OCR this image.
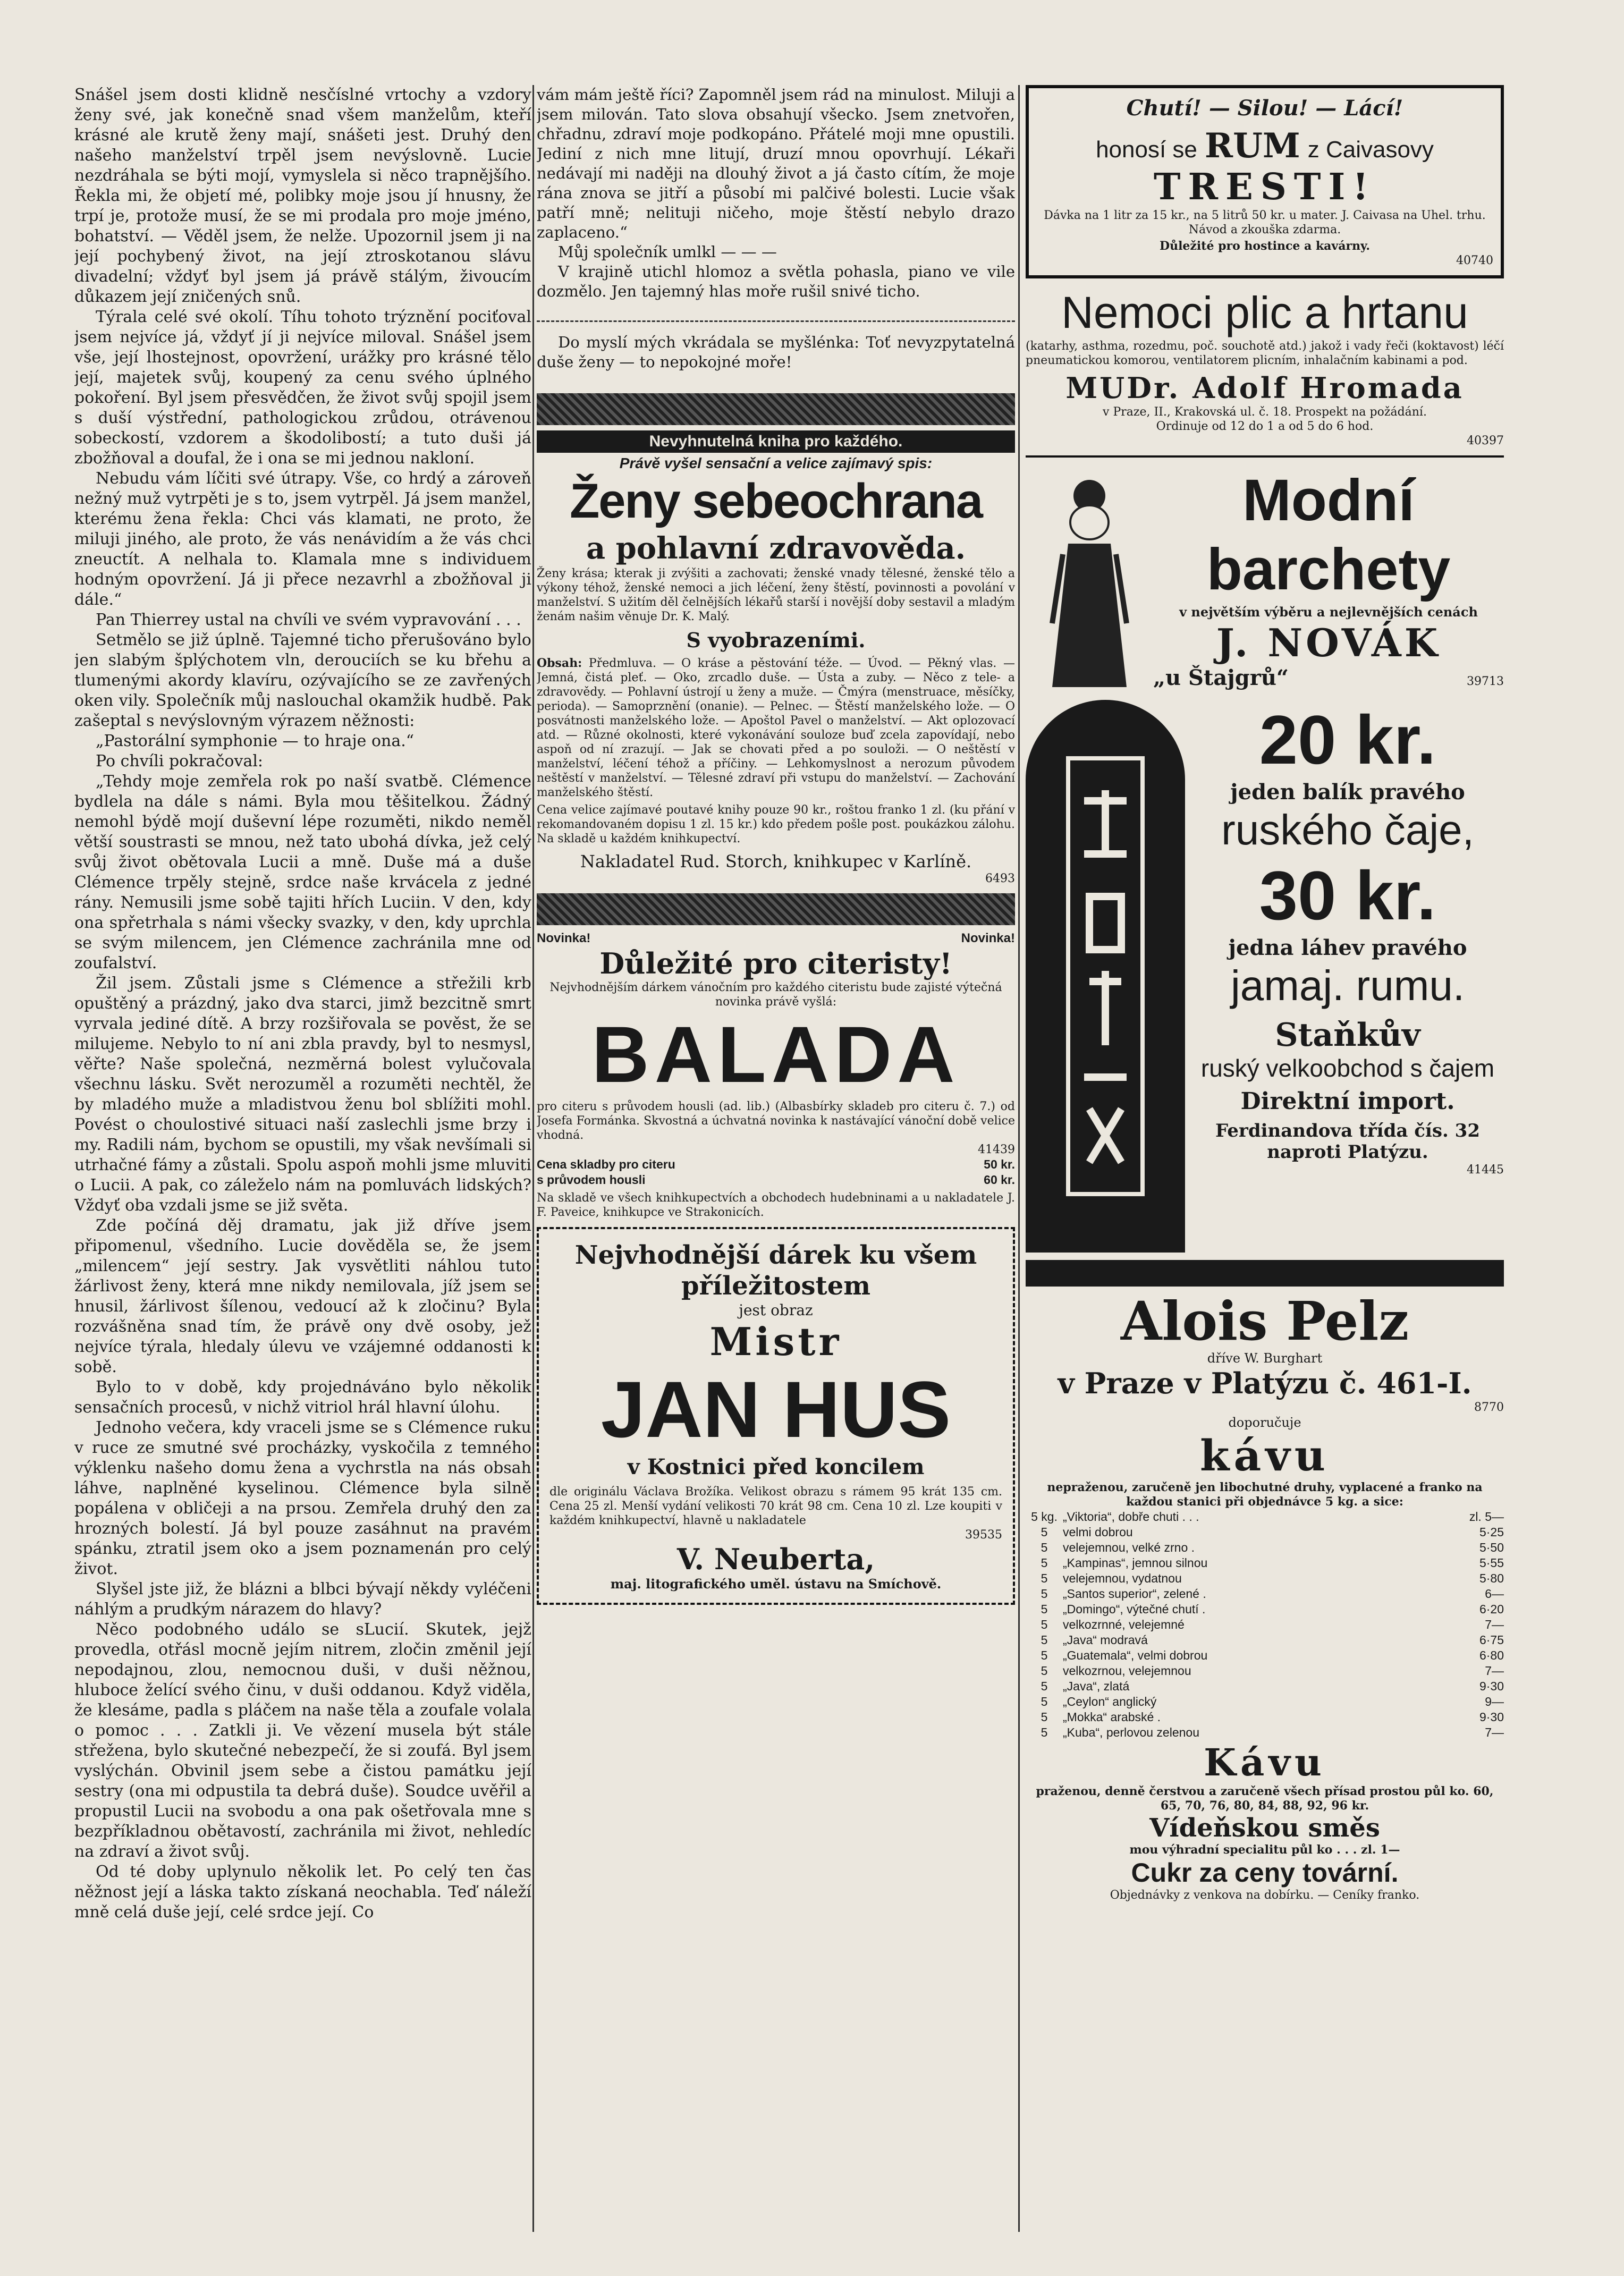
Snášel jsem dosti klidně nesčíslné vrtochy a vzdory ženy své, jak konečně snad všem manželům, kteří krásné ale krutě ženy mají, snášeti jest. Druhý den našeho manželství trpěl jsem nevýslovně. Lucie nezdráhala se býti mojí, vymyslela si něco trapnějšího. Řekla mi, že objetí mé, polibky moje jsou jí hnusny, že trpí je, protože musí, že se mi prodala pro moje jméno, bohatství. — Věděl jsem, že nelže. Upozornil jsem ji na její pochybený život, na její ztroskotanou slávu divadelní; vždyť byl jsem já právě stálým, živoucím důkazem její zničených snů.

Týrala celé své okolí. Tíhu tohoto trýznění pociťoval jsem nejvíce já, vždyť jí ji nejvíce miloval. Snášel jsem vše, její lhostejnost, opovržení, urážky pro krásné tělo její, majetek svůj, koupený za cenu svého úplného pokoření. Byl jsem přesvědčen, že život svůj spojil jsem s duší výstřední, pathologickou zrůdou, otrávenou sobeckostí, vzdorem a škodolibostí; a tuto duši já zbožňoval a doufal, že i ona se mi jednou nakloní.

Nebudu vám líčiti své útrapy. Vše, co hrdý a zároveň nežný muž vytrpěti je s to, jsem vytrpěl. Já jsem manžel, kterému žena řekla: Chci vás klamati, ne proto, že miluji jiného, ale proto, že vás nenávidím a že vás chci zneuctít. A nelhala to. Klamala mne s individuem hodným opovržení. Já ji přece nezavrhl a zbožňoval ji dále.“

Pan Thierrey ustal na chvíli ve svém vypravování . . .

Setmělo se již úplně. Tajemné ticho přerušováno bylo jen slabým šplýchotem vln, derouciích se ku břehu a tlumenými akordy klavíru, ozývajícího se ze zavřených oken vily. Společník můj naslouchal okamžik hudbě. Pak zašeptal s nevýslovným výrazem něžnosti:

„Pastorální symphonie — to hraje ona.“

Po chvíli pokračoval:

„Tehdy moje zemřela rok po naší svatbě. Clémence bydlela na dále s námi. Byla mou těšitelkou. Žádný nemohl býdě mojí duševní lépe rozuměti, nikdo neměl větší soustrasti se mnou, než tato ubohá dívka, jež celý svůj život obětovala Lucii a mně. Duše má a duše Clémence trpěly stejně, srdce naše krvácela z jedné rány. Nemusili jsme sobě tajiti hřích Luciin. V den, kdy ona spřetrhala s námi všecky svazky, v den, kdy uprchla se svým milencem, jen Clémence zachránila mne od zoufalství.

Žil jsem. Zůstali jsme s Clémence a střežili krb opuštěný a prázdný, jako dva starci, jimž bezcitně smrt vyrvala jediné dítě. A brzy rozšiřovala se pověst, že se milujeme. Nebylo to ní ani zbla pravdy, byl to nesmysl, věřte? Naše společná, nezměrná bolest vylučovala všechnu lásku. Svět nerozuměl a rozuměti nechtěl, že by mladého muže a mladistvou ženu bol sblížiti mohl. Povést o choulostivé situaci naší zaslechli jsme brzy i my. Radili nám, bychom se opustili, my však nevšímali si utrhačné fámy a zůstali. Spolu aspoň mohli jsme mluviti o Lucii. A pak, co záleželo nám na pomluvách lidských? Vždyť oba vzdali jsme se již světa.

Zde počíná děj dramatu, jak již dříve jsem připomenul, všedního. Lucie dověděla se, že jsem „milencem“ její sestry. Jak vysvětliti náhlou tuto žárlivost ženy, která mne nikdy nemilovala, jíž jsem se hnusil, žárlivost šílenou, vedoucí až k zločinu? Byla rozvášněna snad tím, že právě ony dvě osoby, jež nejvíce týrala, hledaly úlevu ve vzájemné oddanosti k sobě.

Bylo to v době, kdy projednáváno bylo několik sensačních procesů, v nichž vitriol hrál hlavní úlohu.

Jednoho večera, kdy vraceli jsme se s Clémence ruku v ruce ze smutné své procházky, vyskočila z temného výklenku našeho domu žena a vychrstla na nás obsah láhve, naplněné kyselinou. Clémence byla silně popálena v obličeji a na prsou. Zemřela druhý den za hrozných bolestí. Já byl pouze zasáhnut na pravém spánku, ztratil jsem oko a jsem poznamenán pro celý život.

Slyšel jste již, že blázni a blbci bývají někdy vyléčeni náhlým a prudkým nárazem do hlavy?

Něco podobného událo se sLucií. Skutek, jejž provedla, otřásl mocně jejím nitrem, zločin změnil její nepodajnou, zlou, nemocnou duši, v duši něžnou, hluboce želící svého činu, v duši oddanou. Když viděla, že klesáme, padla s pláčem na naše těla a zoufale volala o pomoc . . . Zatkli ji. Ve vězení musela být stále střežena, bylo skutečné nebezpečí, že si zoufá. Byl jsem vyslýchán. Obvinil jsem sebe a čistou památku její sestry (ona mi odpustila ta debrá duše). Soudce uvěřil a propustil Lucii na svobodu a ona pak ošetřovala mne s bezpříkladnou obětavostí, zachránila mi život, nehledíc na zdraví a život svůj.

Od té doby uplynulo několik let. Po celý ten čas něžnost její a láska takto získaná neochabla. Teď náleží mně celá duše její, celé srdce její. Co

vám mám ještě říci? Zapomněl jsem rád na minulost. Miluji a jsem milován. Tato slova obsahují všecko. Jsem znetvořen, chřadnu, zdraví moje podkopáno. Přátelé moji mne opustili. Jediní z nich mne litují, druzí mnou opovrhují. Lékaři nedávají mi naději na dlouhý život a já často cítím, že moje rána znova se jitří a působí mi palčivé bolesti. Lucie však patří mně; nelituji ničeho, moje štěstí nebylo drazo zaplaceno.“

Můj společník umlkl — — —

V krajině utichl hlomoz a světla pohasla, piano ve vile dozmělo. Jen tajemný hlas moře rušil snivé ticho.

Do myslí mých vkrádala se myšlénka: Toť nevyzpytatelná duše ženy — to nepokojné moře!

Nevyhnutelná kniha pro každého.
Právě vyšel sensační a velice zajímavý spis:
Ženy sebeochrana
a pohlavní zdravověda.
Ženy krása; kterak ji zvýšiti a zachovati; ženské vnady tělesné, ženské tělo a výkony téhož, ženské nemoci a jich léčení, ženy štěstí, povinnosti a povolání v manželství. S užitím děl čelnějších lékařů starší i novější doby sestavil a mladým ženám našim věnuje Dr. K. Malý.
S vyobrazeními.
Obsah: Předmluva. — O kráse a pěstování téže. — Úvod. — Pěkný vlas. — Jemná, čistá pleť. — Oko, zrcadlo duše. — Ústa a zuby. — Něco z tele- a zdravovědy. — Pohlavní ústrojí u ženy a muže. — Čmýra (menstruace, měsíčky, perioda). — Samoprznění (onanie). — Pelnec. — Štěstí manželského lože. — O posvátnosti manželského lože. — Apoštol Pavel o manželství. — Akt oplozovací atd. — Různé okolnosti, které vykonávání souloze buď zcela zapovídají, nebo aspoň od ní zrazují. — Jak se chovati před a po souloži. — O neštěstí v manželství, léčení téhož a příčiny. — Lehkomyslnost a nerozum původem neštěstí v manželství. — Tělesné zdraví při vstupu do manželství. — Zachování manželského štěstí.
Cena velice zajímavé poutavé knihy pouze 90 kr., roštou franko 1 zl. (ku přání v rekomandovaném dopisu 1 zl. 15 kr.) kdo předem pošle post. poukázkou zálohu. Na skladě u každém knihkupectví.
Nakladatel Rud. Storch, knihkupec v Karlíně.
6493
Novinka!	Novinka!
Důležité pro citeristy!
Nejvhodnějším dárkem vánočním pro každého citeristu bude zajisté výtečná novinka právě vyšlá:
BALADA
pro citeru s průvodem housli (ad. lib.) (Albasbírky skladeb pro citeru č. 7.) od Josefa Formánka. Skvostná a úchvatná novinka k nastávající vánoční době velice vhodná.
41439
Cena skladby pro citeru	50 kr.
s průvodem housli	60 kr.
Na skladě ve všech knihkupectvích a obchodech hudebninami a u nakladatele J. F. Paveice, knihkupce ve Strakonicích.
Nejvhodnější dárek ku všem příležitostem
jest obraz
Mistr
JAN HUS
v Kostnici před koncilem
dle originálu Václava Brožíka. Velikost obrazu s rámem 95 krát 135 cm. Cena 25 zl. Menší vydání velikosti 70 krát 98 cm. Cena 10 zl. Lze koupiti v každém knihkupectví, hlavně u nakladatele
39535
V. Neuberta,
maj. litografického uměl. ústavu na Smíchově.
Chutí! — Silou! — Lácí!
honosí se RUM z Caivasovy
TRESTI!
Dávka na 1 litr za 15 kr., na 5 litrů 50 kr. u mater. J. Caivasa na Uhel. trhu. Návod a zkouška zdarma.
Důležité pro hostince a kavárny.
40740
Nemoci plic a hrtanu
(katarhy, asthma, rozedmu, poč. souchotě atd.) jakož i vady řeči (koktavost) léčí pneumatickou komorou, ventilatorem plicním, inhalačním kabinami a pod.
MUDr. Adolf Hromada
v Praze, II., Krakovská ul. č. 18. Prospekt na požádání.
Ordinuje od 12 do 1 a od 5 do 6 hod.
40397
Modní barchety
v největším výběru a nejlevnějších cenách
J. NOVÁK
„u Štajgrů“	39713
20 kr.
jeden balík pravého
ruského čaje,
30 kr.
jedna láhev pravého
jamaj. rumu.
Staňkův
ruský velkoobchod s čajem
Direktní import.
Ferdinandova třída čís. 32 naproti Platýzu.
41445
Alois Pelz
dříve W. Burghart
v Praze v Platýzu č. 461-I.
8770
doporučuje
kávu
nepraženou, zaručeně jen libochutné druhy, vyplacené a franko na každou stanici při objednávce 5 kg. a sice:
5 kg. „Viktoria“, dobře chuti . . .	zl. 5—
5	velmi dobrou	5·25
5	velejemnou, velké zrno .	5·50
5	„Kampinas“, jemnou silnou	5·55
5	velejemnou, vydatnou	5·80
5	„Santos superior“, zelené .	6—
5	„Domingo“, výtečné chutí .	6·20
5	velkozrnné, velejemné	7—
5	„Java“ modravá	6·75
5	„Guatemala“, velmi dobrou	6·80
5	velkozrnou, velejemnou	7—
5	„Java“, zlatá	9·30
5	„Ceylon“ anglický	9—
5	„Mokka“ arabské .	9·30
5	„Kuba“, perlovou zelenou	7—
Kávu
praženou, denně čerstvou a zaručeně všech přísad prostou půl ko. 60, 65, 70, 76, 80, 84, 88, 92, 96 kr.
Vídeňskou směs
mou výhradní specialitu půl ko . . . zl. 1—
Cukr za ceny tovární.
Objednávky z venkova na dobírku. — Ceníky franko.
